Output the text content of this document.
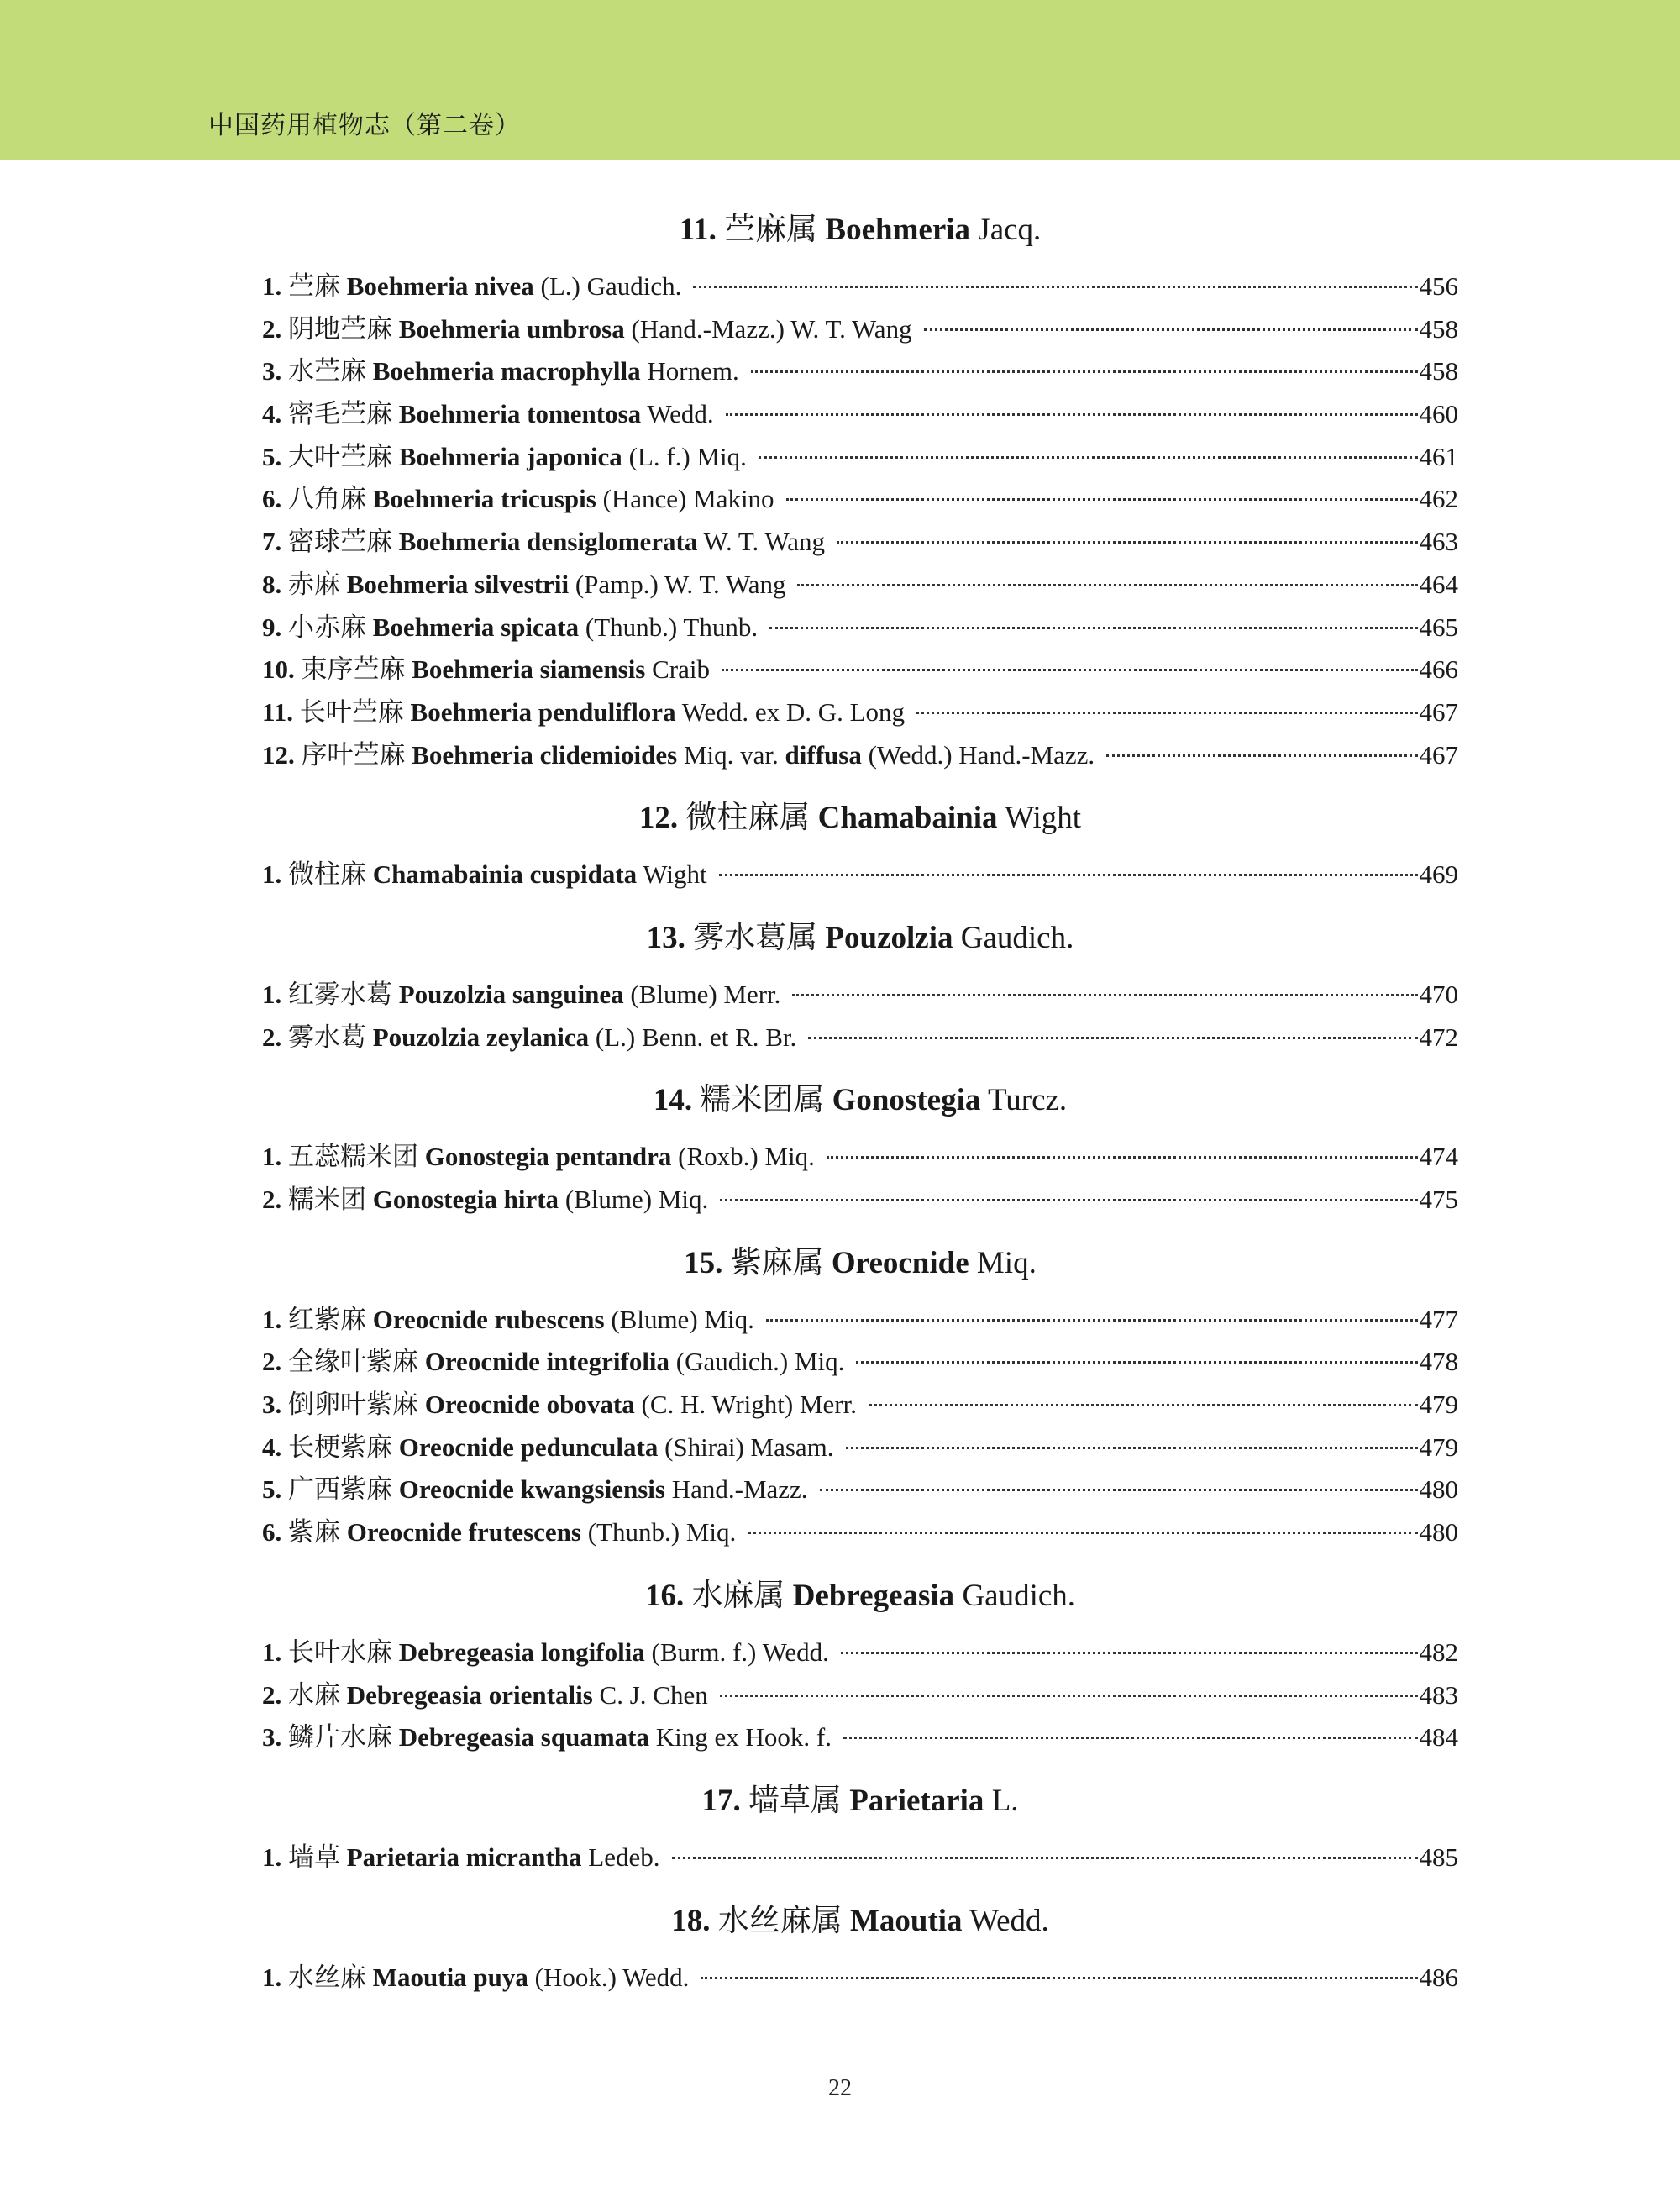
中国药用植物志（第二卷）
11. 苎麻属 Boehmeria Jacq.
1. 苎麻 Boehmeria nivea (L.) Gaudich.	456
2. 阴地苎麻 Boehmeria umbrosa (Hand.-Mazz.) W. T. Wang	458
3. 水苎麻 Boehmeria macrophylla Hornem.	458
4. 密毛苎麻 Boehmeria tomentosa Wedd.	460
5. 大叶苎麻 Boehmeria japonica (L. f.) Miq.	461
6. 八角麻 Boehmeria tricuspis (Hance) Makino	462
7. 密球苎麻 Boehmeria densiglomerata W. T. Wang	463
8. 赤麻 Boehmeria silvestrii (Pamp.) W. T. Wang	464
9. 小赤麻 Boehmeria spicata (Thunb.) Thunb.	465
10. 束序苎麻 Boehmeria siamensis Craib	466
11. 长叶苎麻 Boehmeria penduliflora Wedd. ex D. G. Long	467
12. 序叶苎麻 Boehmeria clidemioides Miq. var. diffusa (Wedd.) Hand.-Mazz.	467
12. 微柱麻属 Chamabainia Wight
1. 微柱麻 Chamabainia cuspidata Wight	469
13. 雾水葛属 Pouzolzia Gaudich.
1. 红雾水葛 Pouzolzia sanguinea (Blume) Merr.	470
2. 雾水葛 Pouzolzia zeylanica (L.) Benn. et R. Br.	472
14. 糯米团属 Gonostegia Turcz.
1. 五蕊糯米团 Gonostegia pentandra (Roxb.) Miq.	474
2. 糯米团 Gonostegia hirta (Blume) Miq.	475
15. 紫麻属 Oreocnide Miq.
1. 红紫麻 Oreocnide rubescens (Blume) Miq.	477
2. 全缘叶紫麻 Oreocnide integrifolia (Gaudich.) Miq.	478
3. 倒卵叶紫麻 Oreocnide obovata (C. H. Wright) Merr.	479
4. 长梗紫麻 Oreocnide pedunculata (Shirai) Masam.	479
5. 广西紫麻 Oreocnide kwangsiensis Hand.-Mazz.	480
6. 紫麻 Oreocnide frutescens (Thunb.) Miq.	480
16. 水麻属 Debregeasia Gaudich.
1. 长叶水麻 Debregeasia longifolia (Burm. f.) Wedd.	482
2. 水麻 Debregeasia orientalis C. J. Chen	483
3. 鳞片水麻 Debregeasia squamata King ex Hook. f.	484
17. 墙草属 Parietaria L.
1. 墙草 Parietaria micrantha Ledeb.	485
18. 水丝麻属 Maoutia Wedd.
1. 水丝麻 Maoutia puya (Hook.) Wedd.	486
22
